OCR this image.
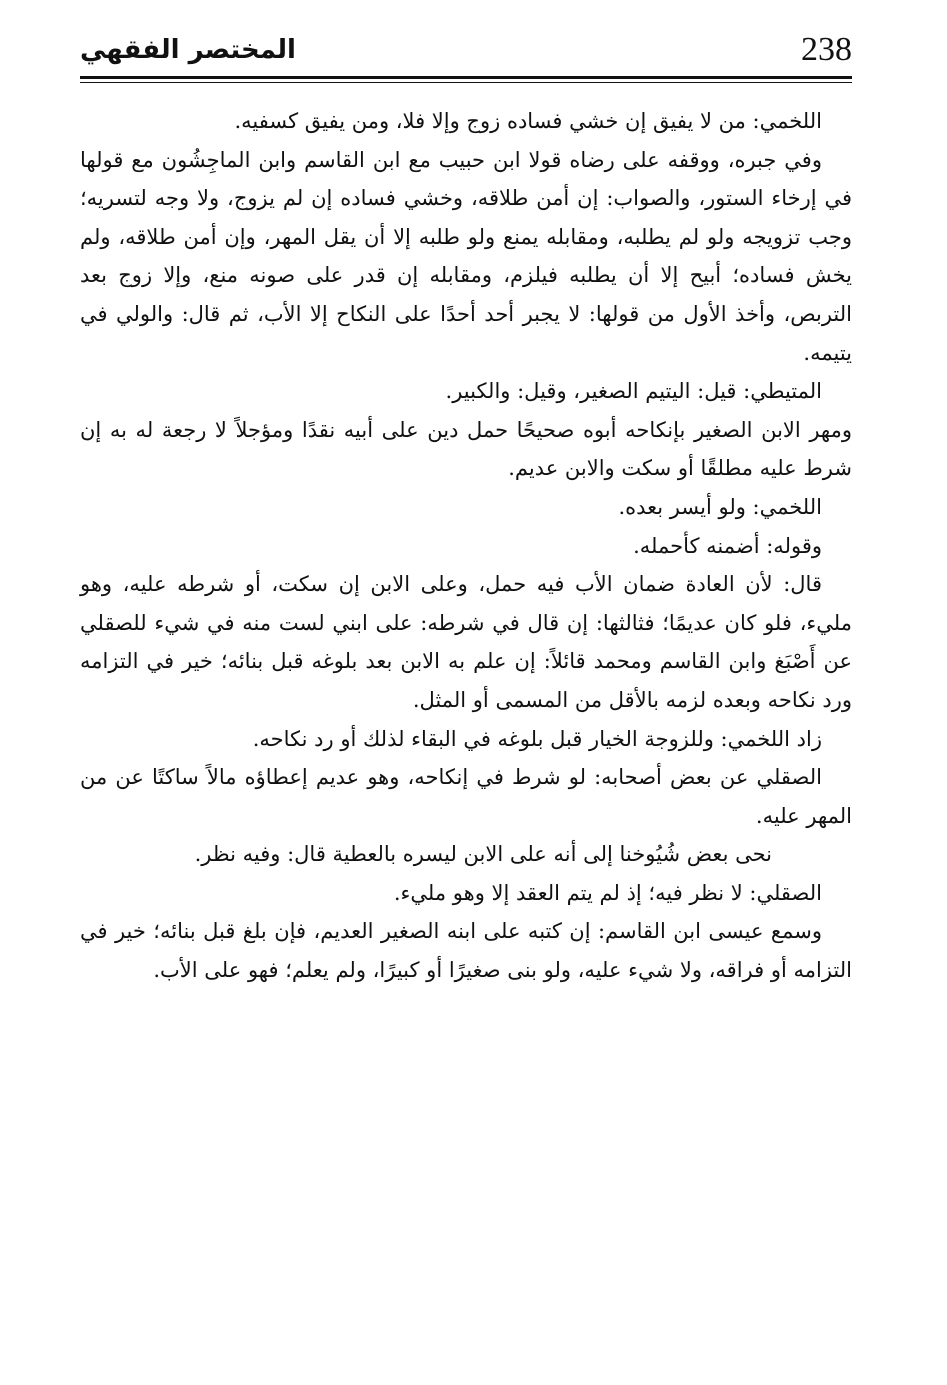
238
المختصر الفقهي

اللخمي: من لا يفيق إن خشي فساده زوج وإلا فلا، ومن يفيق كسفيه.

وفي جبره، ووقفه على رضاه قولا ابن حبيب مع ابن القاسم وابن الماجِشُون مع قولها في إرخاء الستور، والصواب: إن أمن طلاقه، وخشي فساده إن لم يزوج، ولا وجه لتسريه؛ وجب تزويجه ولو لم يطلبه، ومقابله يمنع ولو طلبه إلا أن يقل المهر، وإن أمن طلاقه، ولم يخش فساده؛ أبيح إلا أن يطلبه فيلزم، ومقابله إن قدر على صونه منع، وإلا زوج بعد التربص، وأخذ الأول من قولها: لا يجبر أحد أحدًا على النكاح إلا الأب، ثم قال: والولي في يتيمه.

المتيطي: قيل: اليتيم الصغير، وقيل: والكبير.

ومهر الابن الصغير بإنكاحه أبوه صحيحًا حمل دين على أبيه نقدًا ومؤجلاً لا رجعة له به إن شرط عليه مطلقًا أو سكت والابن عديم.

اللخمي: ولو أيسر بعده.

وقوله: أضمنه كأحمله.

قال: لأن العادة ضمان الأب فيه حمل، وعلى الابن إن سكت، أو شرطه عليه، وهو مليء، فلو كان عديمًا؛ فثالثها: إن قال في شرطه: على ابني لست منه في شيء للصقلي عن أَصْبَغ وابن القاسم ومحمد قائلاً: إن علم به الابن بعد بلوغه قبل بنائه؛ خير في التزامه ورد نكاحه وبعده لزمه بالأقل من المسمى أو المثل.

زاد اللخمي: وللزوجة الخيار قبل بلوغه في البقاء لذلك أو رد نكاحه.

الصقلي عن بعض أصحابه: لو شرط في إنكاحه، وهو عديم إعطاؤه مالاً ساكتًا عن من المهر عليه.

نحى بعض شُيُوخنا إلى أنه على الابن ليسره بالعطية قال: وفيه نظر.

الصقلي: لا نظر فيه؛ إذ لم يتم العقد إلا وهو مليء.

وسمع عيسى ابن القاسم: إن كتبه على ابنه الصغير العديم، فإن بلغ قبل بنائه؛ خير في التزامه أو فراقه، ولا شيء عليه، ولو بنى صغيرًا أو كبيرًا، ولم يعلم؛ فهو على الأب.
